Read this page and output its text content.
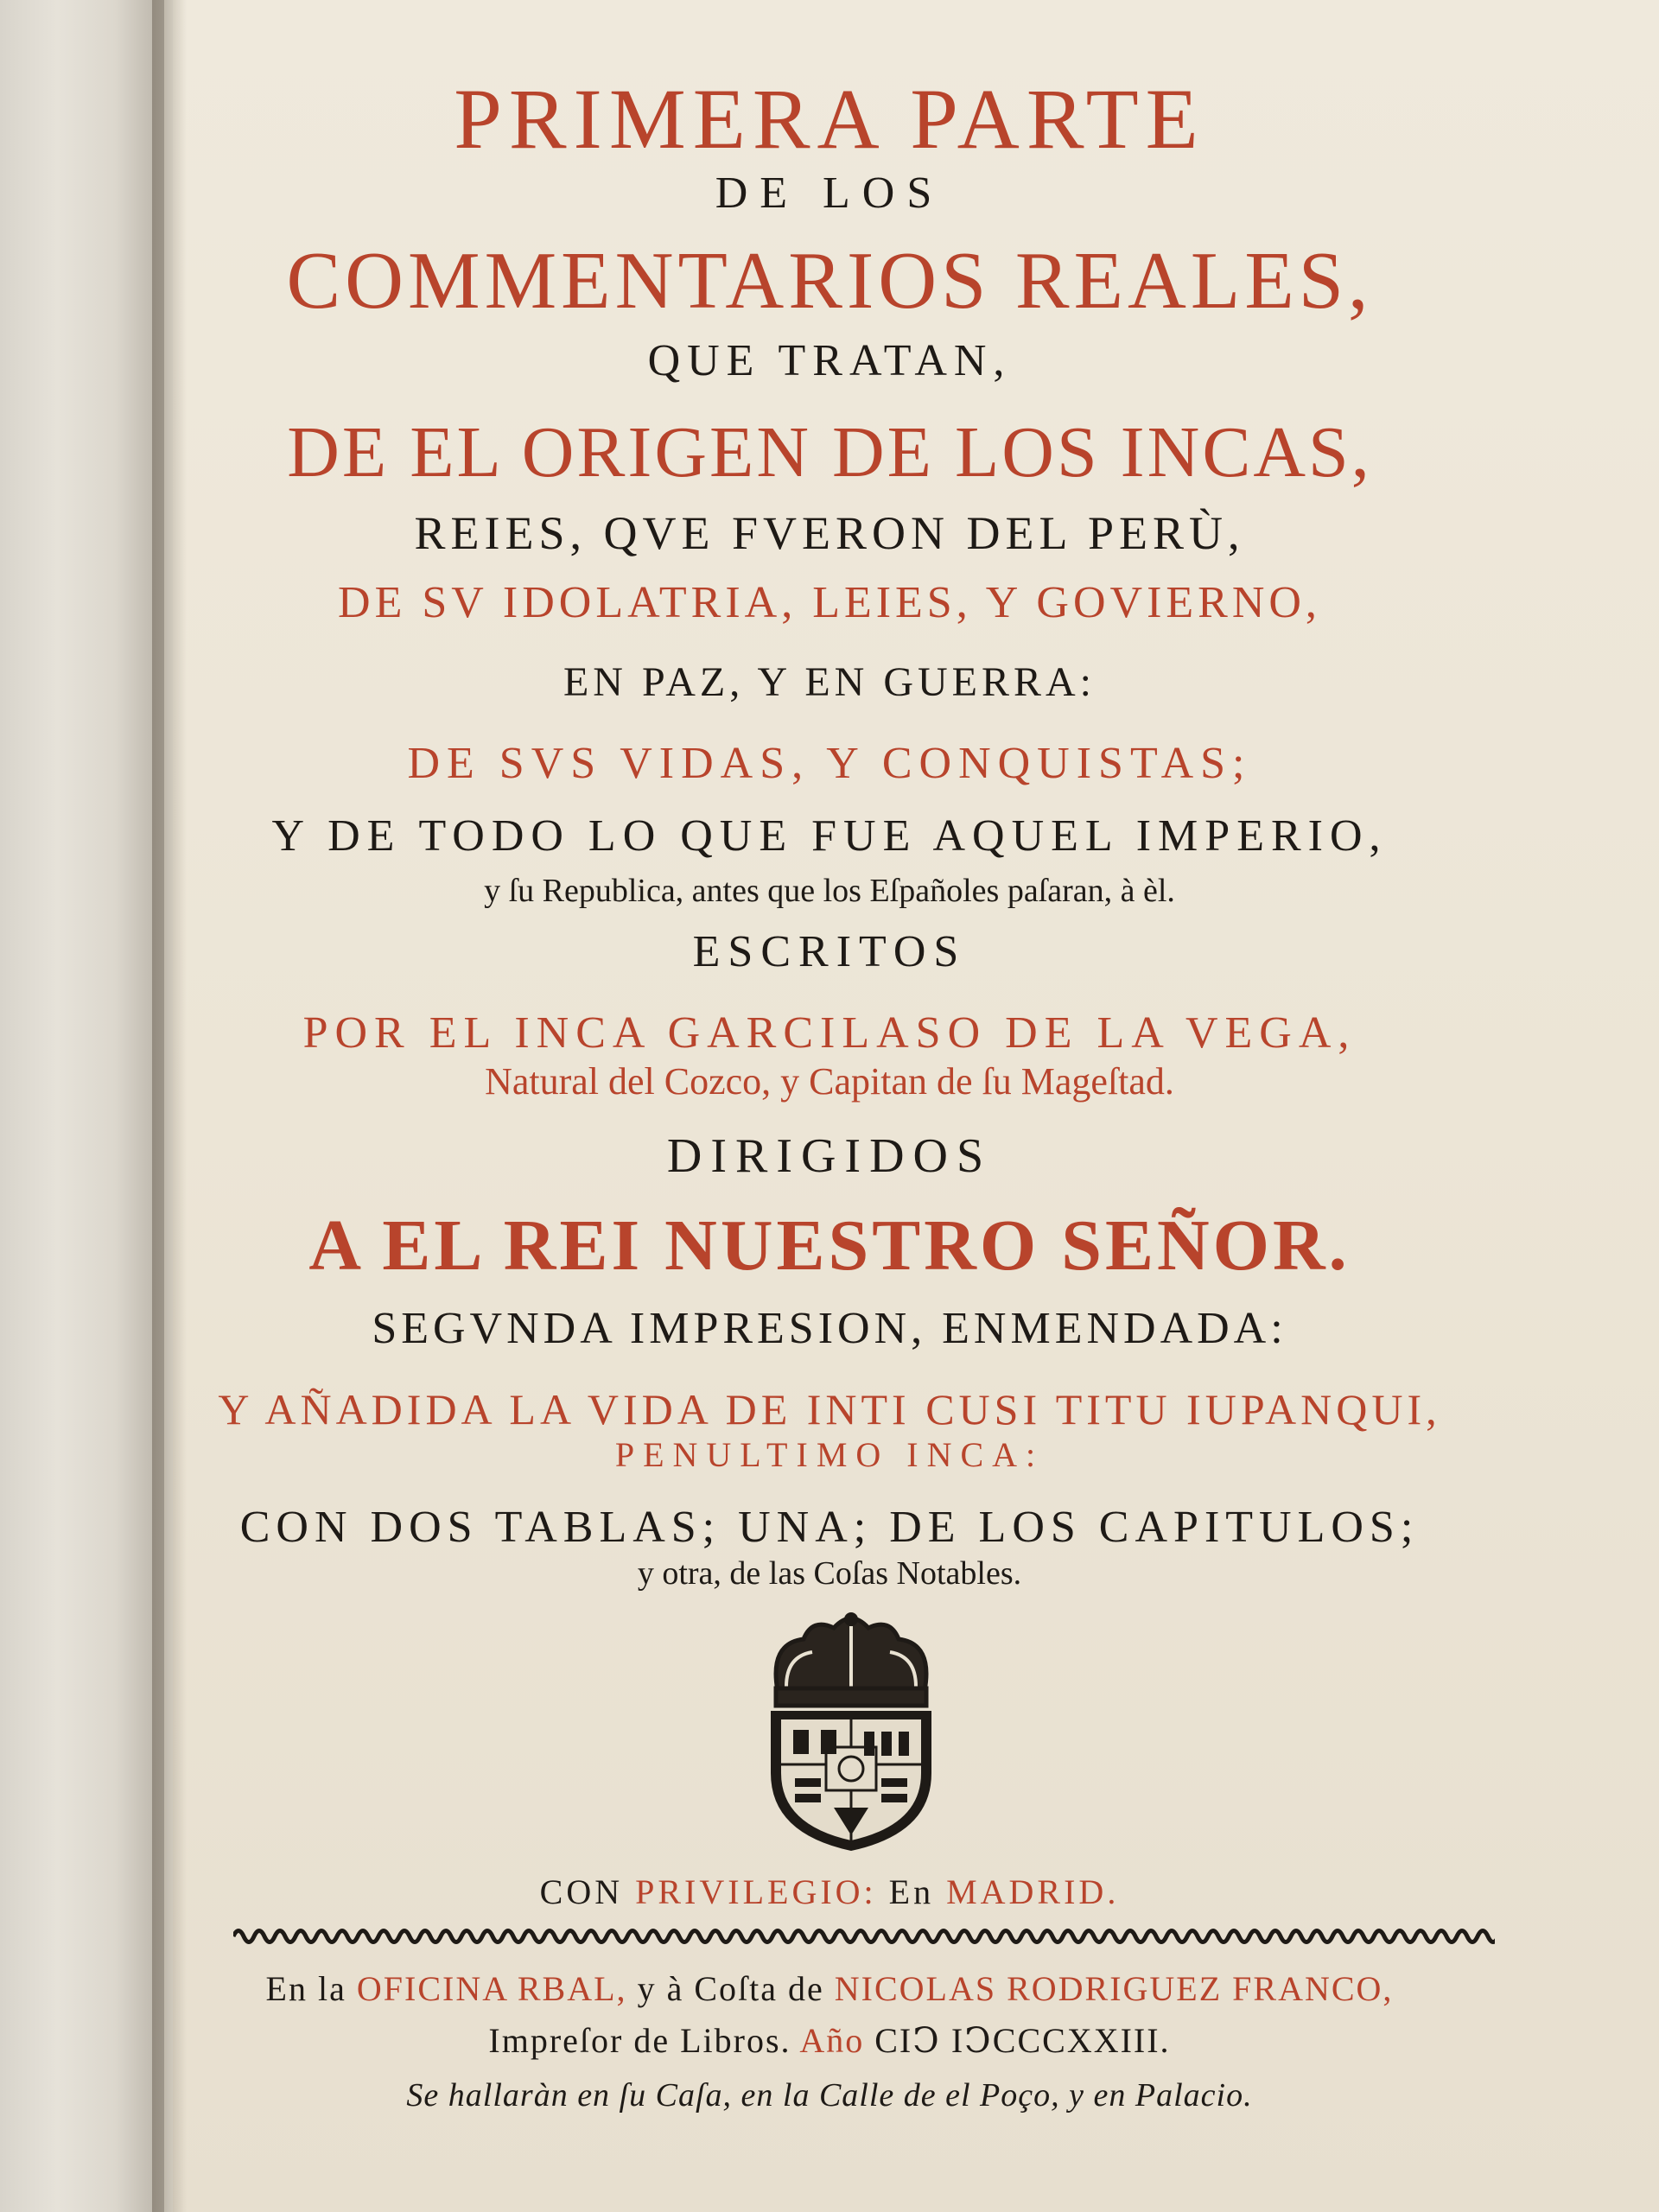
PRIMERA PARTE
DE LOS
COMMENTARIOS REALES,
QUE TRATAN,
DE EL ORIGEN DE LOS INCAS,
REIES, QVE FVERON DEL PERÙ,
DE SV IDOLATRIA, LEIES, Y GOVIERNO,
EN PAZ, Y EN GUERRA:
DE SVS VIDAS, Y CONQUISTAS;
Y DE TODO LO QUE FUE AQUEL IMPERIO,
y ſu Republica, antes que los Eſpañoles paſaran, à èl.
ESCRITOS
POR EL INCA GARCILASO DE LA VEGA,
Natural del Cozco, y Capitan de ſu Mageſtad.
DIRIGIDOS
A EL REI NUESTRO SEÑOR.
SEGVNDA IMPRESION, ENMENDADA:
Y AÑADIDA LA VIDA DE INTI CUSI TITU IUPANQUI,
PENULTIMO INCA:
CON DOS TABLAS; UNA; DE LOS CAPITULOS;
y otra, de las Coſas Notables.
CON PRIVILEGIO: En MADRID.
En la OFICINA RBAL, y à Coſta de NICOLAS RODRIGUEZ FRANCO,
Impreſor de Libros. Año CIↃ IↃCCCXXIII.
Se hallaràn en ſu Caſa, en la Calle de el Poço, y en Palacio.
